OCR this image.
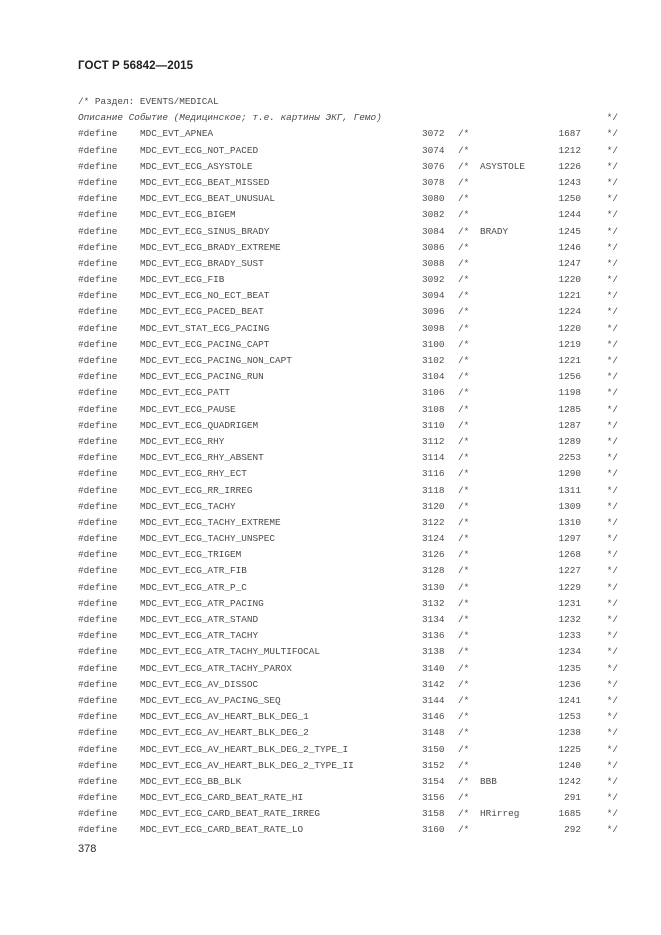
ГОСТ Р 56842—2015

/* Раздел: EVENTS/MEDICAL

Описание Событие (Медицинское; т.е. картины ЭКГ, Гемо)

	*/

#define MDC_EVT_APNEA	3072 /*	1687	*/
#define MDC_EVT_ECG_NOT_PACED	3074 /*	1212	*/
#define MDC_EVT_ECG_ASYSTOLE	3076 /* ASYSTOLE	1226	*/
#define MDC_EVT_ECG_BEAT_MISSED	3078 /*	1243	*/
#define MDC_EVT_ECG_BEAT_UNUSUAL	3080 /*	1250	*/
#define MDC_EVT_ECG_BIGEM	3082 /*	1244	*/
#define MDC_EVT_ECG_SINUS_BRADY	3084 /* BRADY	1245	*/
#define MDC_EVT_ECG_BRADY_EXTREME	3086 /*	1246	*/
#define MDC_EVT_ECG_BRADY_SUST	3088 /*	1247	*/
#define MDC_EVT_ECG_FIB	3092 /*	1220	*/
#define MDC_EVT_ECG_NO_ECT_BEAT	3094 /*	1221	*/
#define MDC_EVT_ECG_PACED_BEAT	3096 /*	1224	*/
#define MDC_EVT_STAT_ECG_PACING	3098 /*	1220	*/
#define MDC_EVT_ECG_PACING_CAPT	3100 /*	1219	*/
#define MDC_EVT_ECG_PACING_NON_CAPT	3102 /*	1221	*/
#define MDC_EVT_ECG_PACING_RUN	3104 /*	1256	*/
#define MDC_EVT_ECG_PATT	3106 /*	1198	*/
#define MDC_EVT_ECG_PAUSE	3108 /*	1285	*/
#define MDC_EVT_ECG_QUADRIGEM	3110 /*	1287	*/
#define MDC_EVT_ECG_RHY	3112 /*	1289	*/
#define MDC_EVT_ECG_RHY_ABSENT	3114 /*	2253	*/
#define MDC_EVT_ECG_RHY_ECT	3116 /*	1290	*/
#define MDC_EVT_ECG_RR_IRREG	3118 /*	1311	*/
#define MDC_EVT_ECG_TACHY	3120 /*	1309	*/
#define MDC_EVT_ECG_TACHY_EXTREME	3122 /*	1310	*/
#define MDC_EVT_ECG_TACHY_UNSPEC	3124 /*	1297	*/
#define MDC_EVT_ECG_TRIGEM	3126 /*	1268	*/
#define MDC_EVT_ECG_ATR_FIB	3128 /*	1227	*/
#define MDC_EVT_ECG_ATR_P_C	3130 /*	1229	*/
#define MDC_EVT_ECG_ATR_PACING	3132 /*	1231	*/
#define MDC_EVT_ECG_ATR_STAND	3134 /*	1232	*/
#define MDC_EVT_ECG_ATR_TACHY	3136 /*	1233	*/
#define MDC_EVT_ECG_ATR_TACHY_MULTIFOCAL	3138 /*	1234	*/
#define MDC_EVT_ECG_ATR_TACHY_PAROX	3140 /*	1235	*/
#define MDC_EVT_ECG_AV_DISSOC	3142 /*	1236	*/
#define MDC_EVT_ECG_AV_PACING_SEQ	3144 /*	1241	*/
#define MDC_EVT_ECG_AV_HEART_BLK_DEG_1	3146 /*	1253	*/
#define MDC_EVT_ECG_AV_HEART_BLK_DEG_2	3148 /*	1238	*/
#define MDC_EVT_ECG_AV_HEART_BLK_DEG_2_TYPE_I	3150 /*	1225	*/
#define MDC_EVT_ECG_AV_HEART_BLK_DEG_2_TYPE_II	3152 /*	1240	*/
#define MDC_EVT_ECG_BB_BLK	3154 /* BBB	1242	*/
#define MDC_EVT_ECG_CARD_BEAT_RATE_HI	3156 /*	291	*/
#define MDC_EVT_ECG_CARD_BEAT_RATE_IRREG	3158 /* HRirreg	1685	*/
#define MDC_EVT_ECG_CARD_BEAT_RATE_LO	3160 /*	292	*/
378
